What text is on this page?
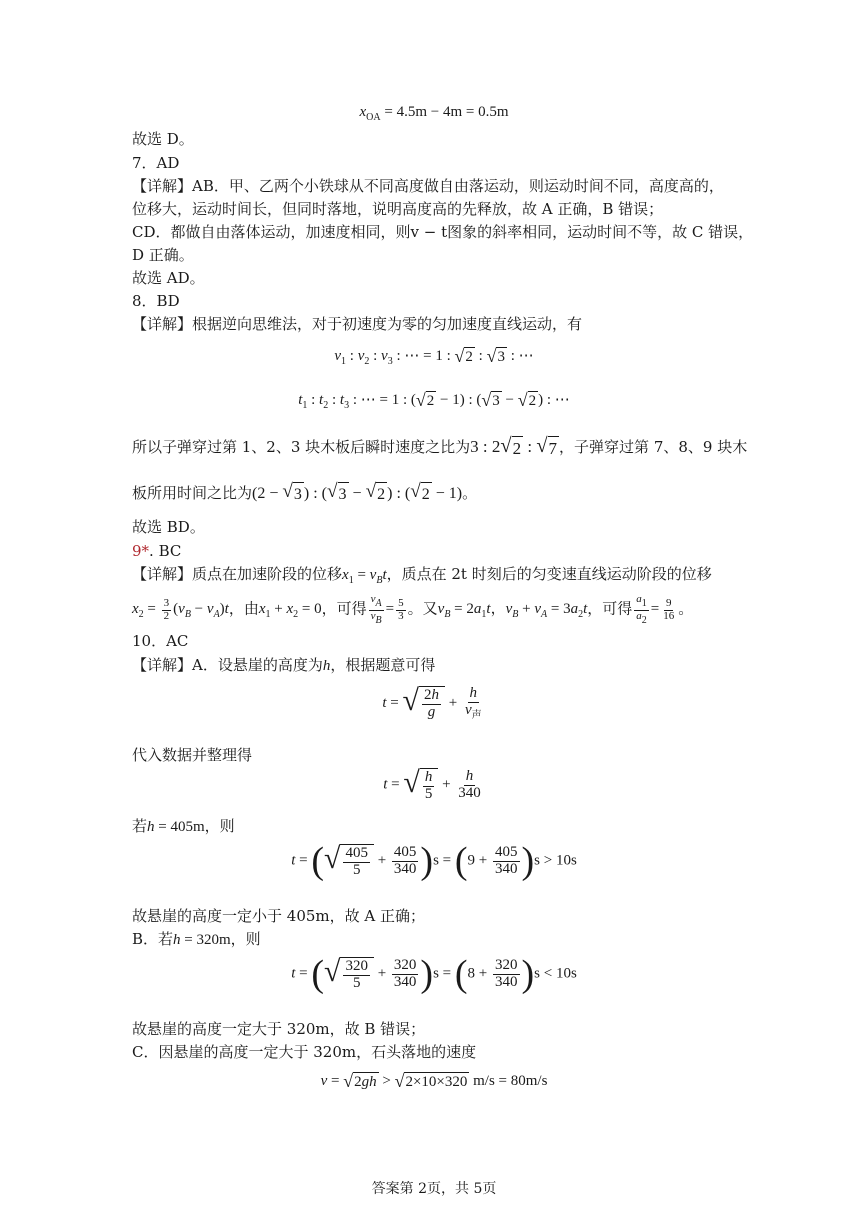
$x_{OA} = 4.5m - 4m = 0.5m$
故选 D。
7．AD
【详解】AB．甲、乙两个小铁球从不同高度做自由落运动，则运动时间不同，高度高的，
位移大，运动时间长，但同时落地，说明高度高的先释放，故 A 正确，B 错误；
CD．都做自由落体运动，加速度相同，则v − t图象的斜率相同，运动时间不等，故 C 错误，
D 正确。
故选 AD。
8．BD
【详解】根据逆向思维法，对于初速度为零的匀加速度直线运动，有
$v_1$ : $v_2$ : $v_3$ : ⋯ = 1 : √ 2 : √ 3 : ⋯
$t_1$ : $t_2$ : $t_3$ : ⋯ = 1 : ( √ 2 − 1) : ( √ 3 − √ 2 ) : ⋯
所以子弹穿过第 1、2、3 块木板后瞬时速度之比为3 : 2 √ 2 : √ 7 ，子弹穿过第 7、8、9 块木
板所用时间之比为(2 − √ 3 ) : ( √ 3 − √ 2 ) : ( √ 2 − 1)。
故选 BD。
9*. BC
【详解】质点在加速阶段的位移$x_1 = v_Bt$，质点在 2t 时刻后的匀变速直线运动阶段的位移
$x_2 = \frac{3}{2} (v_B - v_A)t$，由$x_1 + x_2 = 0$，可得 $\frac{vA}{vB} = \frac{5}{3}$ 。又$v_B = 2a_1t$，$v_B + v_A = 3a_2t$，可得 $\frac{a1}{a2} = \frac{9}{16}$ 。
10．AC
【详解】A．设悬崖的高度为h，根据题意可得
t = √ $\frac{2h}{g} + \frac{h}{v_声}$
代入数据并整理得
t = √ $\frac{h}{5} + \frac{h}{340}$
若h = 405m，则
t = ( √ $\frac{405}{5} + \frac{405}{340} )s = (9 + \frac{405}{340} )s > 10s$
故悬崖的高度一定小于 405m，故 A 正确；
B．若h = 320m，则
t = ( √ $\frac{320}{5} + \frac{320}{340} )s = (8 + \frac{320}{340} )s < 10s$
故悬崖的高度一定大于 320m，故 B 错误；
C．因悬崖的高度一定大于 320m，石头落地的速度
v = √ 2 gh > √ 2×10×320 m/s = 80m/s
答案第 2页，共 5页
